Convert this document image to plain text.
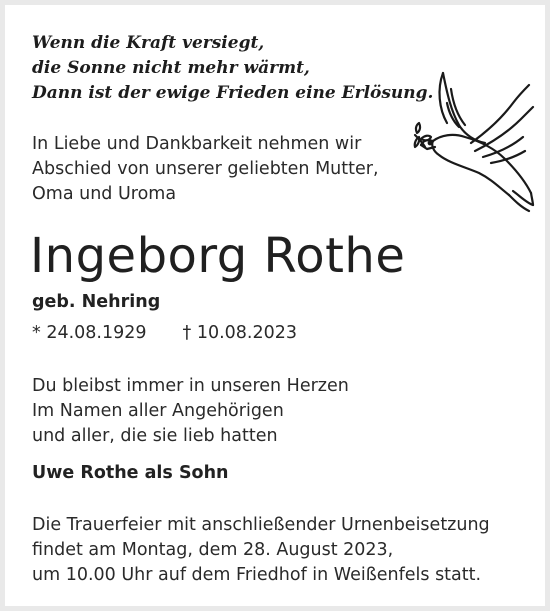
Wenn die Kraft versiegt,
die Sonne nicht mehr wärmt,
Dann ist der ewige Frieden eine Erlösung.
In Liebe und Dankbarkeit nehmen wir
Abschied von unserer geliebten Mutter,
Oma und Uroma
Ingeborg Rothe
geb. Nehring
* 24.08.1929 † 10.08.2023
Du bleibst immer in unseren Herzen
Im Namen aller Angehörigen
und aller, die sie lieb hatten
Uwe Rothe als Sohn
Die Trauerfeier mit anschließender Urnenbeisetzung
findet am Montag, dem 28. August 2023,
um 10.00 Uhr auf dem Friedhof in Weißenfels statt.
